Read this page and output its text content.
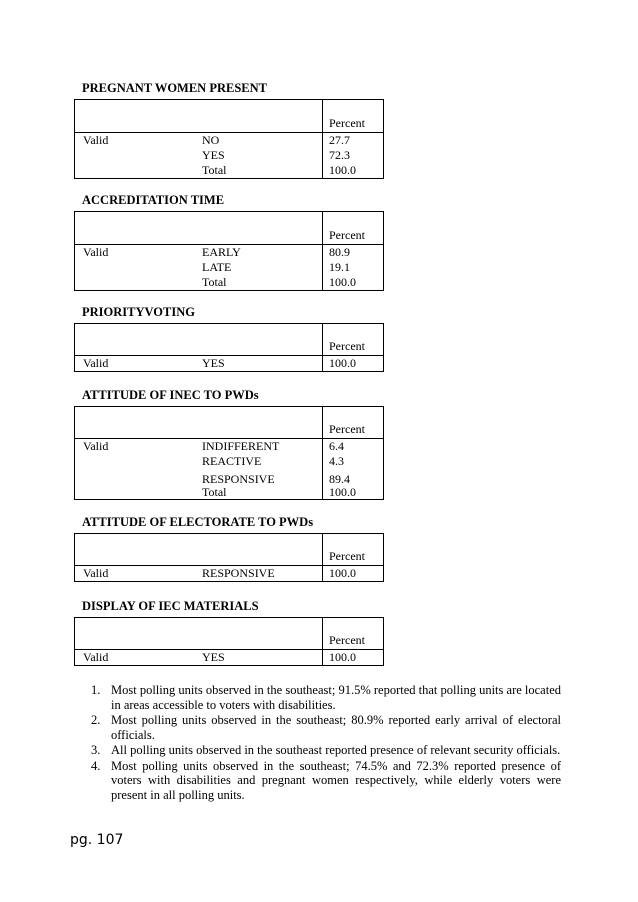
PREGNANT WOMEN PRESENT
Percent
Valid	NO	27.7
YES	72.3
Total	100.0
ACCREDITATION TIME
Percent
Valid	EARLY	80.9
LATE	19.1
Total	100.0
PRIORITYVOTING
Percent
Valid	YES	100.0
ATTITUDE OF INEC TO PWDs
Percent
Valid	INDIFFERENT	6.4
REACTIVE	4.3
RESPONSIVE	89.4
Total	100.0
ATTITUDE OF ELECTORATE TO PWDs
Percent
Valid	RESPONSIVE	100.0
DISPLAY OF IEC MATERIALS
Percent
Valid	YES	100.0
1. Most polling units observed in the southeast; 91.5% reported that polling units are located in areas accessible to voters with disabilities.
2. Most polling units observed in the southeast; 80.9% reported early arrival of electoral officials.
3. All polling units observed in the southeast reported presence of relevant security officials.
4. Most polling units observed in the southeast; 74.5% and 72.3% reported presence of voters with disabilities and pregnant women respectively, while elderly voters were present in all polling units.
pg. 107
